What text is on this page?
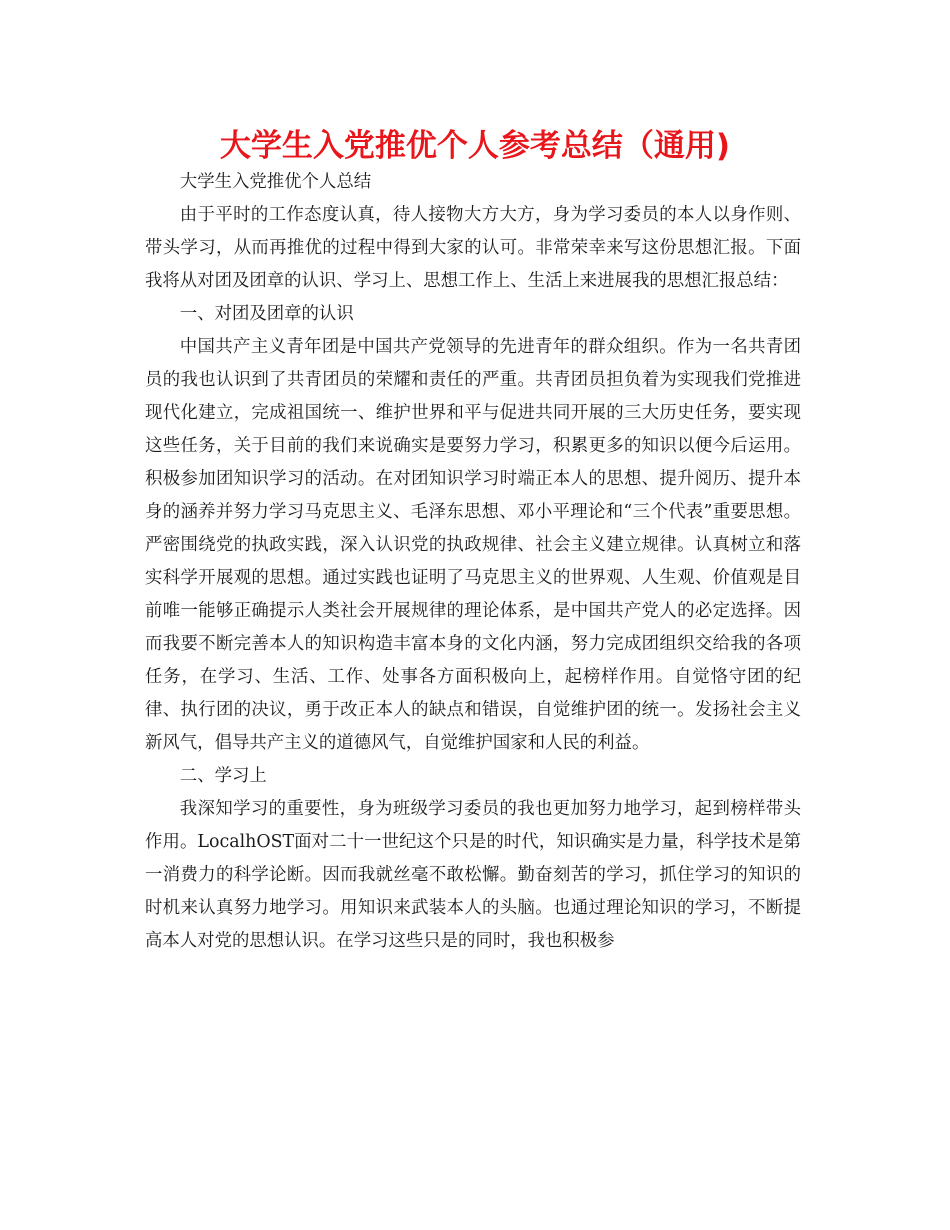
大学生入党推优个人参考总结（通用)

大学生入党推优个人总结

由于平时的工作态度认真，待人接物大方大方，身为学习委员的本人以身作则、带头学习，从而再推优的过程中得到大家的认可。非常荣幸来写这份思想汇报。下面我将从对团及团章的认识、学习上、思想工作上、生活上来进展我的思想汇报总结：

一、对团及团章的认识

中国共产主义青年团是中国共产党领导的先进青年的群众组织。作为一名共青团员的我也认识到了共青团员的荣耀和责任的严重。共青团员担负着为实现我们党推进现代化建立，完成祖国统一、维护世界和平与促进共同开展的三大历史任务，要实现这些任务，关于目前的我们来说确实是要努力学习，积累更多的知识以便今后运用。积极参加团知识学习的活动。在对团知识学习时端正本人的思想、提升阅历、提升本身的涵养并努力学习马克思主义、毛泽东思想、邓小平理论和“三个代表”重要思想。严密围绕党的执政实践，深入认识党的执政规律、社会主义建立规律。认真树立和落实科学开展观的思想。通过实践也证明了马克思主义的世界观、人生观、价值观是目前唯一能够正确提示人类社会开展规律的理论体系，是中国共产党人的必定选择。因而我要不断完善本人的知识构造丰富本身的文化内涵，努力完成团组织交给我的各项任务，在学习、生活、工作、处事各方面积极向上，起榜样作用。自觉恪守团的纪律、执行团的决议，勇于改正本人的缺点和错误，自觉维护团的统一。发扬社会主义新风气，倡导共产主义的道德风气，自觉维护国家和人民的利益。

二、学习上

我深知学习的重要性，身为班级学习委员的我也更加努力地学习，起到榜样带头作用。LocalhOST面对二十一世纪这个只是的时代，知识确实是力量，科学技术是第一消费力的科学论断。因而我就丝毫不敢松懈。勤奋刻苦的学习，抓住学习的知识的时机来认真努力地学习。用知识来武装本人的头脑。也通过理论知识的学习，不断提高本人对党的思想认识。在学习这些只是的同时，我也积极参
